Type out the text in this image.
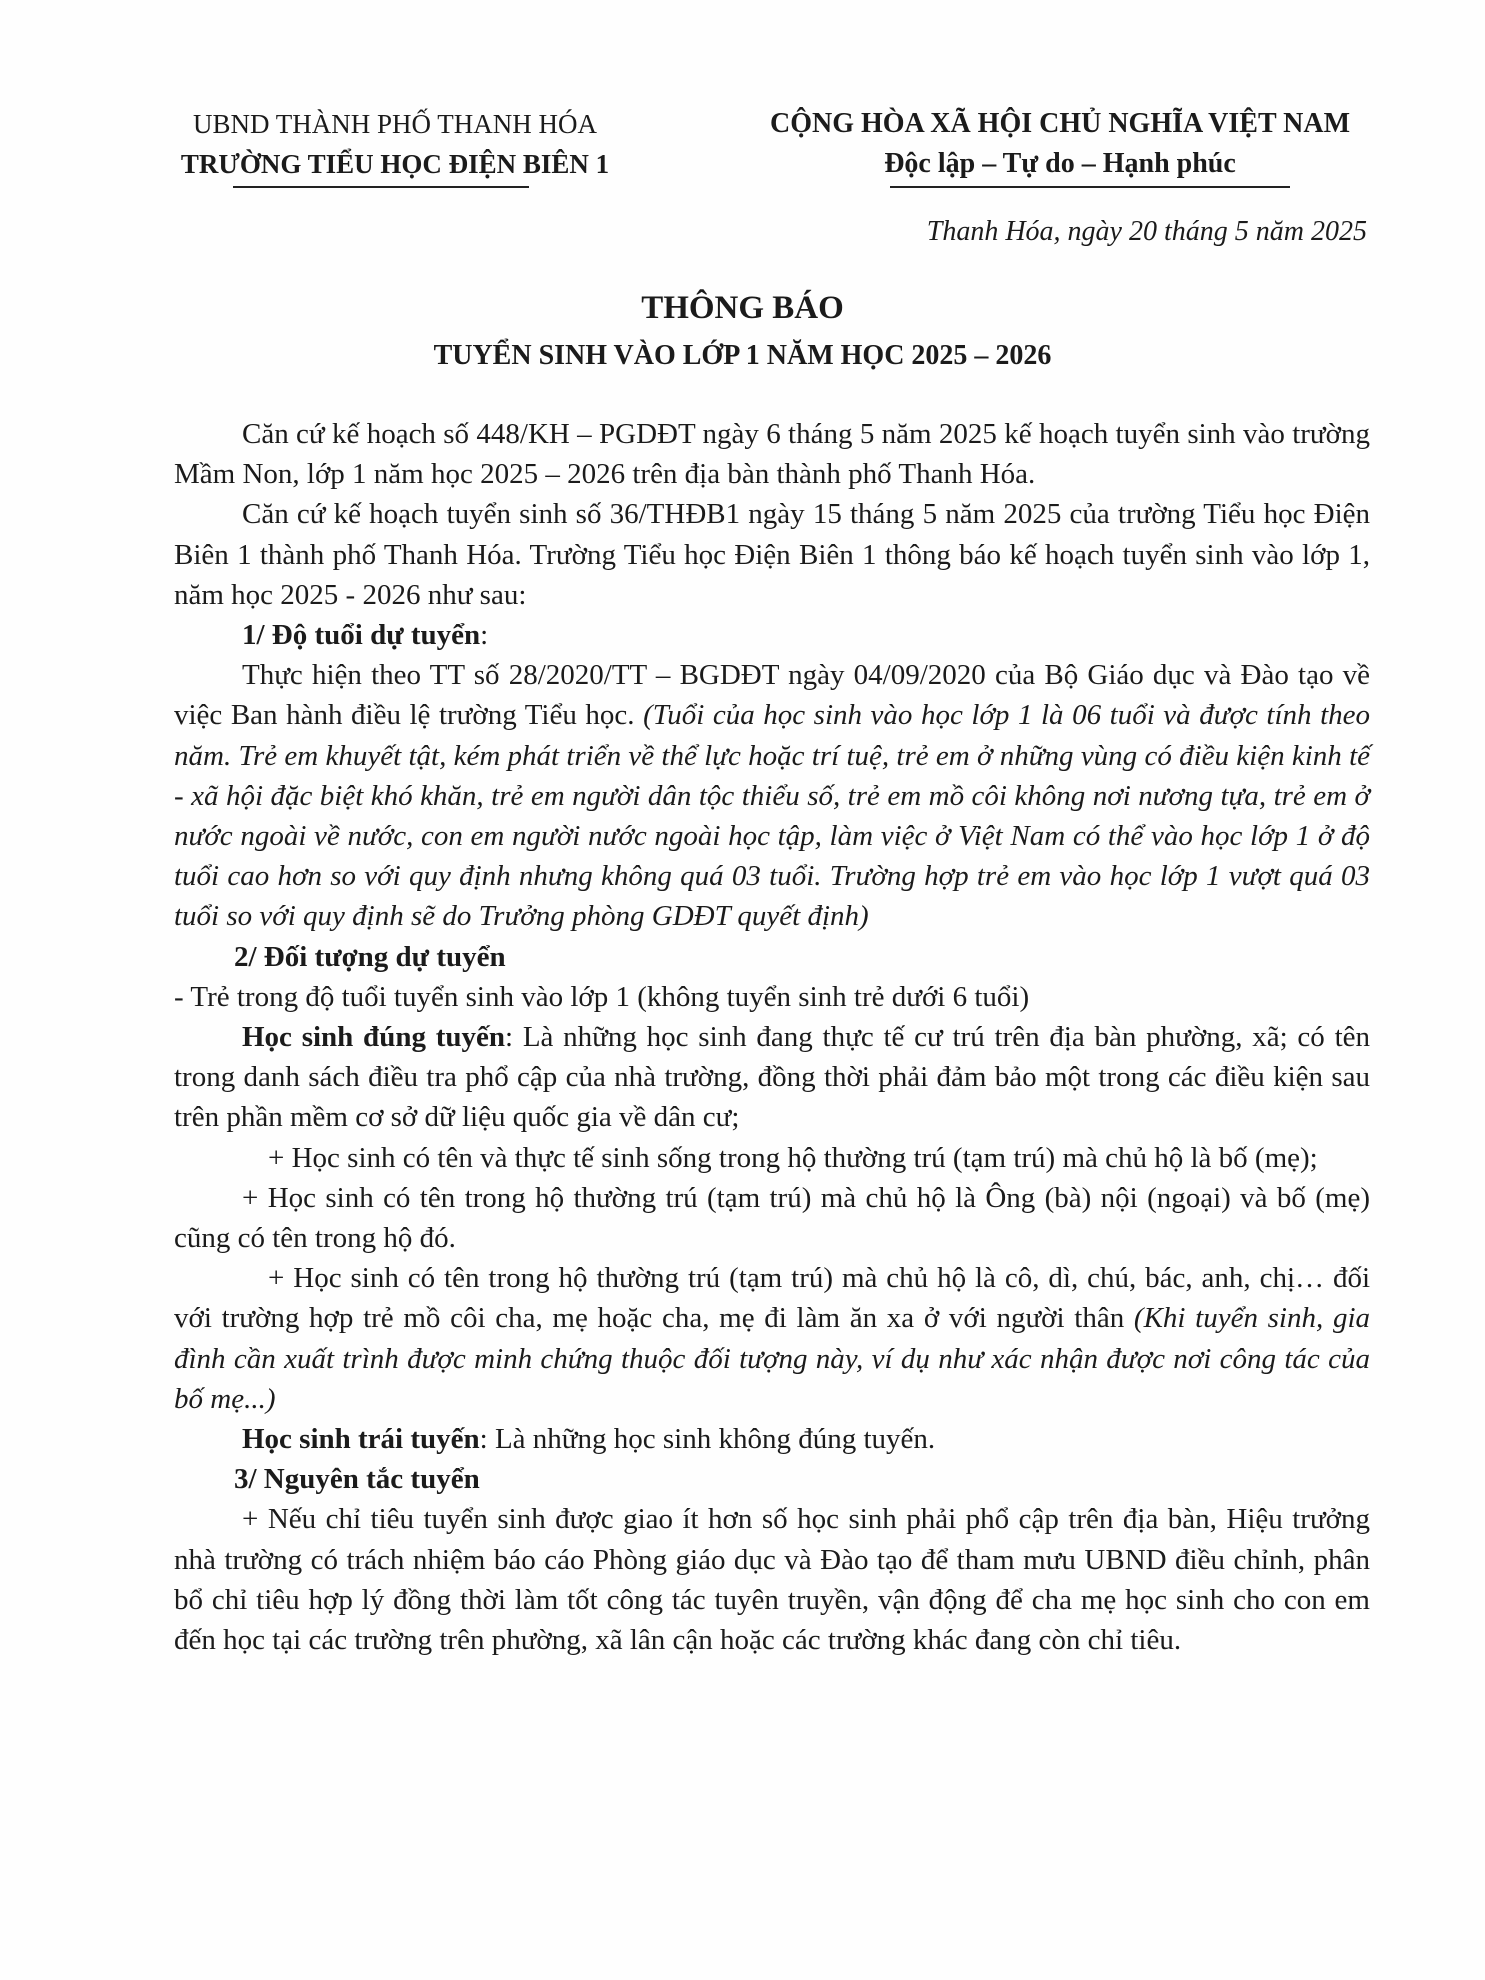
UBND THÀNH PHỐ THANH HÓA
TRƯỜNG TIỂU HỌC ĐIỆN BIÊN 1
CỘNG HÒA XÃ HỘI CHỦ NGHĨA VIỆT NAM
Độc lập – Tự do – Hạnh phúc
Thanh Hóa, ngày 20 tháng 5 năm 2025
THÔNG BÁO
TUYỂN SINH VÀO LỚP 1 NĂM HỌC 2025 – 2026

Căn cứ kế hoạch số 448/KH – PGDĐT ngày 6 tháng 5 năm 2025 kế hoạch tuyển sinh vào trường Mầm Non, lớp 1 năm học 2025 – 2026 trên địa bàn thành phố Thanh Hóa.

Căn cứ kế hoạch tuyển sinh số 36/THĐB1 ngày 15 tháng 5 năm 2025 của trường Tiểu học Điện Biên 1 thành phố Thanh Hóa. Trường Tiểu học Điện Biên 1 thông báo kế hoạch tuyển sinh vào lớp 1, năm học 2025 - 2026 như sau:

1/ Độ tuổi dự tuyển:

Thực hiện theo TT số 28/2020/TT – BGDĐT ngày 04/09/2020 của Bộ Giáo dục và Đào tạo về việc Ban hành điều lệ trường Tiểu học. (Tuổi của học sinh vào học lớp 1 là 06 tuổi và được tính theo năm. Trẻ em khuyết tật, kém phát triển về thể lực hoặc trí tuệ, trẻ em ở những vùng có điều kiện kinh tế - xã hội đặc biệt khó khăn, trẻ em người dân tộc thiểu số, trẻ em mồ côi không nơi nương tựa, trẻ em ở nước ngoài về nước, con em người nước ngoài học tập, làm việc ở Việt Nam có thể vào học lớp 1 ở độ tuổi cao hơn so với quy định nhưng không quá 03 tuổi. Trường hợp trẻ em vào học lớp 1 vượt quá 03 tuổi so với quy định sẽ do Trưởng phòng GDĐT quyết định)

2/ Đối tượng dự tuyển

- Trẻ trong độ tuổi tuyển sinh vào lớp 1 (không tuyển sinh trẻ dưới 6 tuổi)

Học sinh đúng tuyến: Là những học sinh đang thực tế cư trú trên địa bàn phường, xã; có tên trong danh sách điều tra phổ cập của nhà trường, đồng thời phải đảm bảo một trong các điều kiện sau trên phần mềm cơ sở dữ liệu quốc gia về dân cư;

+ Học sinh có tên và thực tế sinh sống trong hộ thường trú (tạm trú) mà chủ hộ là bố (mẹ);

+ Học sinh có tên trong hộ thường trú (tạm trú) mà chủ hộ là Ông (bà) nội (ngoại) và bố (mẹ) cũng có tên trong hộ đó.

+ Học sinh có tên trong hộ thường trú (tạm trú) mà chủ hộ là cô, dì, chú, bác, anh, chị… đối với trường hợp trẻ mồ côi cha, mẹ hoặc cha, mẹ đi làm ăn xa ở với người thân (Khi tuyển sinh, gia đình cần xuất trình được minh chứng thuộc đối tượng này, ví dụ như xác nhận được nơi công tác của bố mẹ...)

Học sinh trái tuyến: Là những học sinh không đúng tuyến.

3/ Nguyên tắc tuyển

+ Nếu chỉ tiêu tuyển sinh được giao ít hơn số học sinh phải phổ cập trên địa bàn, Hiệu trưởng nhà trường có trách nhiệm báo cáo Phòng giáo dục và Đào tạo để tham mưu UBND điều chỉnh, phân bổ chỉ tiêu hợp lý đồng thời làm tốt công tác tuyên truyền, vận động để cha mẹ học sinh cho con em đến học tại các trường trên phường, xã lân cận hoặc các trường khác đang còn chỉ tiêu.
